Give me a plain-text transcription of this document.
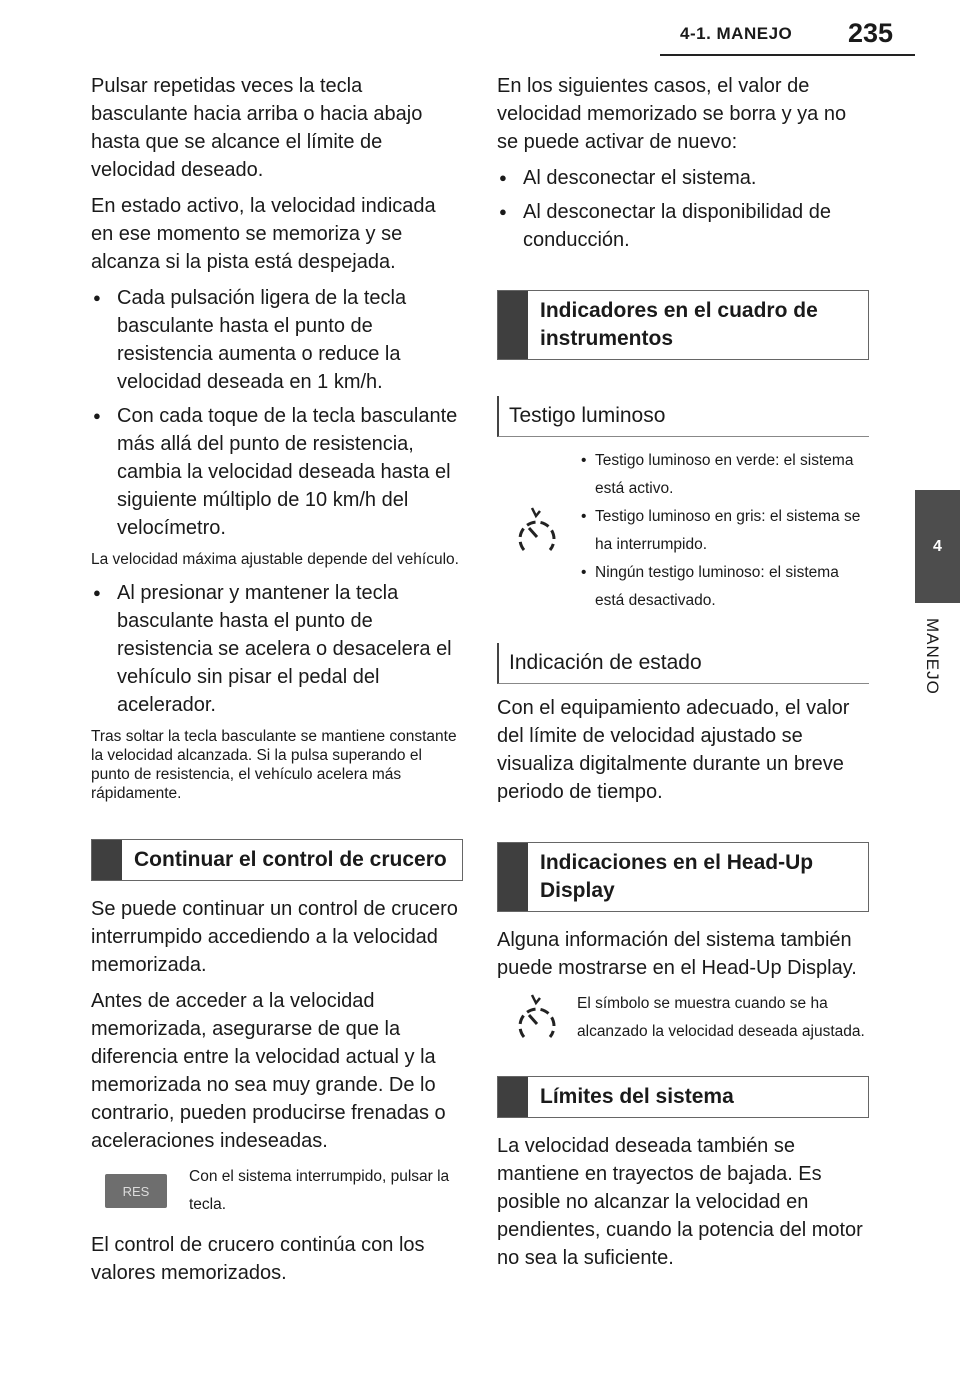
4-1. MANEJO 235
4
MANEJO

Pulsar repetidas veces la tecla basculante hacia arriba o hacia abajo hasta que se alcance el límite de velocidad deseado.

En estado activo, la velocidad indicada en ese momento se memoriza y se alcanza si la pista está despejada.

● Cada pulsación ligera de la tecla basculante hasta el punto de resistencia aumenta o reduce la velocidad deseada en 1 km/h.
● Con cada toque de la tecla basculante más allá del punto de resistencia, cambia la velocidad deseada hasta el siguiente múltiplo de 10 km/h del velocímetro.

La velocidad máxima ajustable depende del vehículo.

● Al presionar y mantener la tecla basculante hasta el punto de resistencia se acelera o desacelera el vehículo sin pisar el pedal del acelerador.

Tras soltar la tecla basculante se mantiene constante la velocidad alcanzada. Si la pulsa superando el punto de resistencia, el vehículo acelera más rápidamente.

Continuar el control de crucero

Se puede continuar un control de crucero interrumpido accediendo a la velocidad memorizada.

Antes de acceder a la velocidad memorizada, asegurarse de que la diferencia entre la velocidad actual y la memorizada no sea muy grande. De lo contrario, pueden producirse frenadas o aceleraciones indeseadas.

RES
Con el sistema interrumpido, pulsar la tecla.

El control de crucero continúa con los valores memorizados.

En los siguientes casos, el valor de velocidad memorizado se borra y ya no se puede activar de nuevo:

● Al desconectar el sistema.
● Al desconectar la disponibilidad de conducción.
Indicadores en el cuadro de instrumentos
Testigo luminoso
• Testigo luminoso en verde: el sistema está activo.
• Testigo luminoso en gris: el sistema se ha interrumpido.
• Ningún testigo luminoso: el sistema está desactivado.
Indicación de estado

Con el equipamiento adecuado, el valor del límite de velocidad ajustado se visualiza digitalmente durante un breve periodo de tiempo.

Indicaciones en el Head-Up Display

Alguna información del sistema también puede mostrarse en el Head-Up Display.

El símbolo se muestra cuando se ha alcanzado la velocidad deseada ajustada.
Límites del sistema

La velocidad deseada también se mantiene en trayectos de bajada. Es posible no alcanzar la velocidad en pendientes, cuando la potencia del motor no sea la suficiente.
